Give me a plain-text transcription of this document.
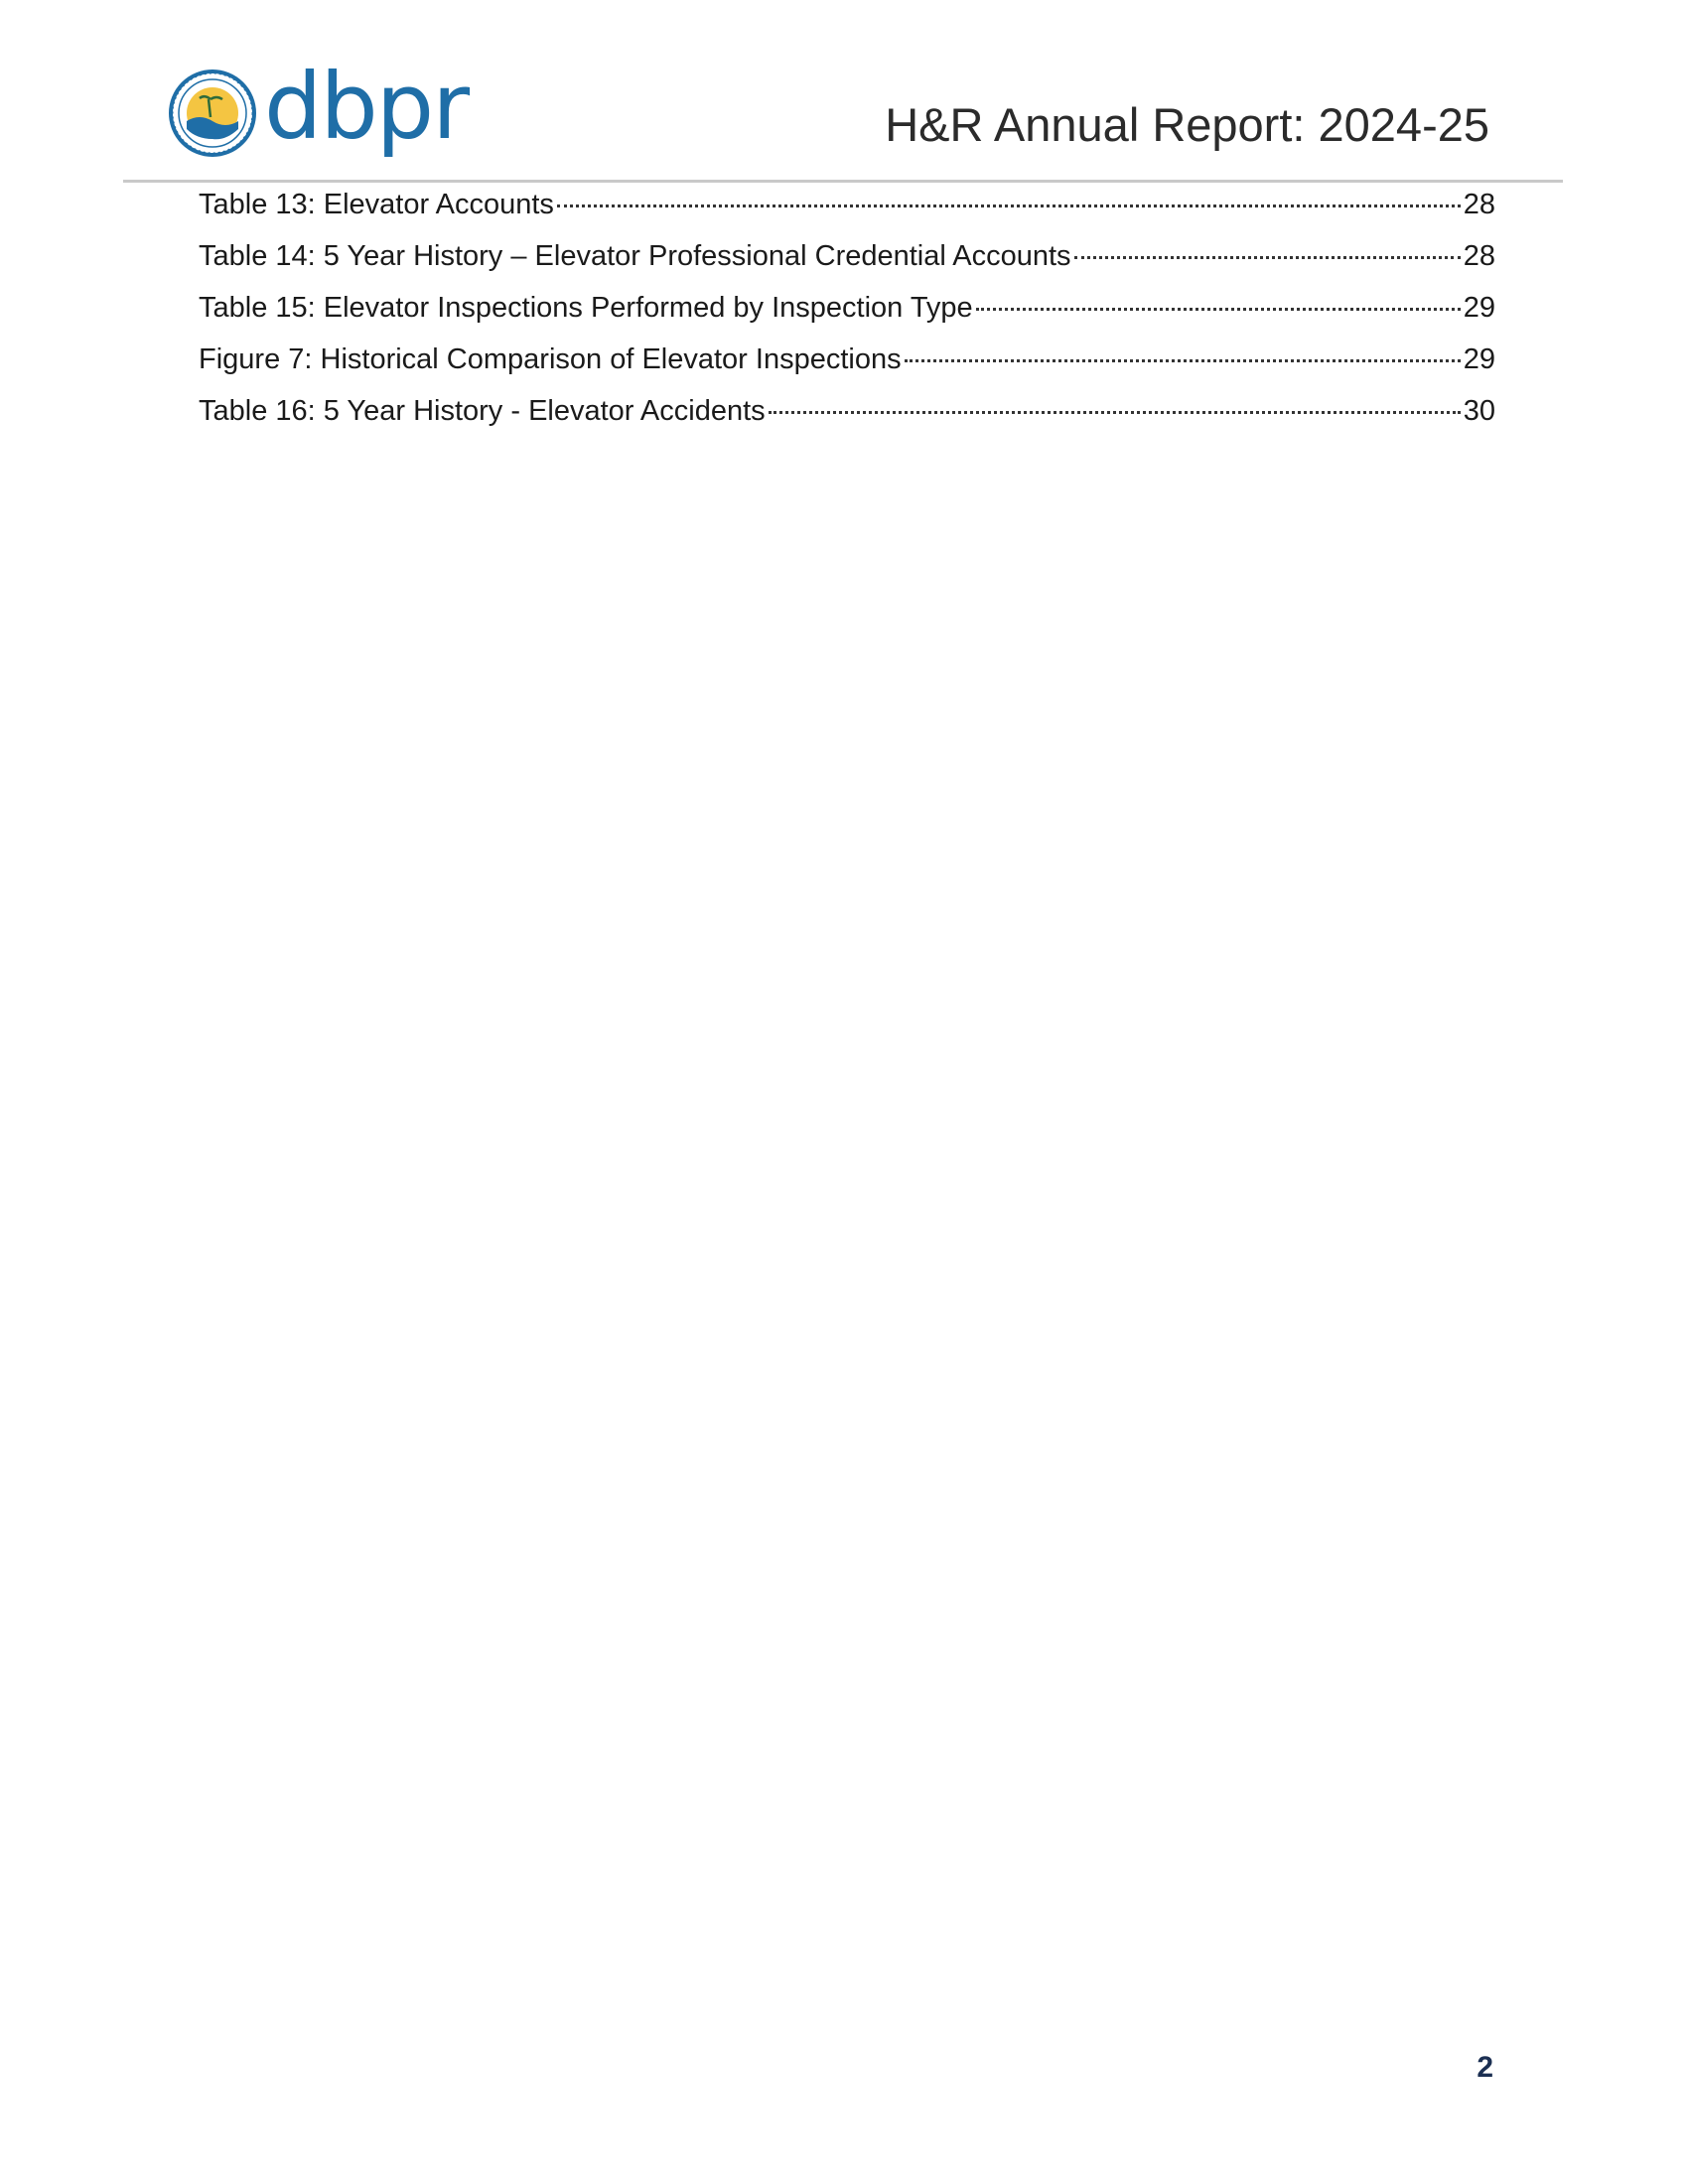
dbpr	H&R Annual Report: 2024-25
Table 13: Elevator Accounts	28
Table 14: 5 Year History – Elevator Professional Credential Accounts	28
Table 15: Elevator Inspections Performed by Inspection Type	29
Figure 7: Historical Comparison of Elevator Inspections	29
Table 16: 5 Year History - Elevator Accidents	30
2
